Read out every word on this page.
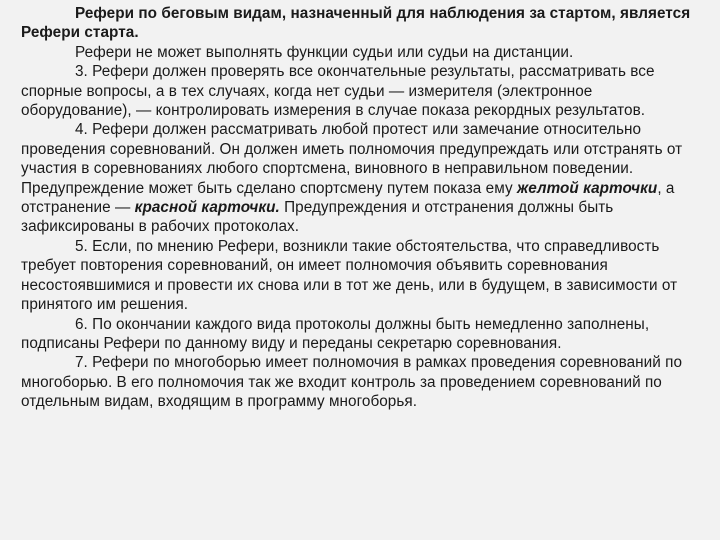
Рефери по беговым видам, назначенный для наблюдения за стартом, является Рефери старта.

Рефери не может выполнять функции судьи или судьи на дистанции.

3. Рефери должен проверять все окончательные результаты, рассматривать все спорные вопросы, а в тех случаях, когда нет судьи — измерителя (электронное оборудование), — контролировать измерения в случае показа рекордных результатов.

4. Рефери должен рассматривать любой протест или замечание относительно проведения соревнований. Он должен иметь полномочия предупреждать или отстранять от участия в соревнованиях любого спортсмена, виновного в неправильном поведении. Предупреждение может быть сделано спортсмену путем показа ему желтой карточки, а отстранение — красной карточки. Предупреждения и отстранения должны быть зафиксированы в рабочих протоколах.

5. Если, по мнению Рефери, возникли такие обстоятельства, что справедливость требует повторения соревнований, он имеет полномочия объявить соревнования несостоявшимися и провести их снова или в тот же день, или в будущем, в зависимости от принятого им решения.

6. По окончании каждого вида протоколы должны быть немедленно заполнены, подписаны Рефери по данному виду и переданы секретарю соревнования.

7. Рефери по многоборью имеет полномочия в рамках проведения соревнований по многоборью. В его полномочия так же входит контроль за проведением соревнований по отдельным видам, входящим в программу многоборья.
